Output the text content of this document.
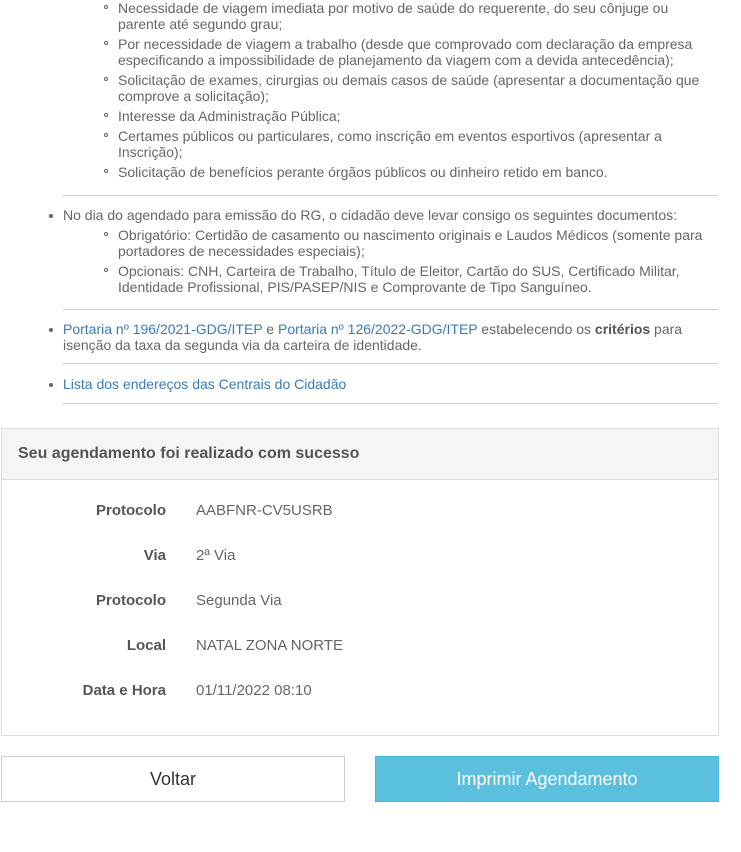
Necessidade de viagem imediata por motivo de saúde do requerente, do seu cônjuge ou parente até segundo grau;
Por necessidade de viagem a trabalho (desde que comprovado com declaração da empresa especificando a impossibilidade de planejamento da viagem com a devida antecedência);
Solicitação de exames, cirurgias ou demais casos de saúde (apresentar a documentação que comprove a solicitação);
Interesse da Administração Pública;
Certames públicos ou particulares, como inscrição em eventos esportivos (apresentar a Inscrição);
Solicitação de benefícios perante órgãos públicos ou dinheiro retido em banco.
No dia do agendado para emissão do RG, o cidadão deve levar consigo os seguintes documentos:
Obrigatório: Certidão de casamento ou nascimento originais e Laudos Médicos (somente para portadores de necessidades especiais);
Opcionais: CNH, Carteira de Trabalho, Título de Eleitor, Cartão do SUS, Certificado Militar, Identidade Profissional, PIS/PASEP/NIS e Comprovante de Tipo Sanguíneo.
Portaria nº 196/2021-GDG/ITEP e Portaria nº 126/2022-GDG/ITEP estabelecendo os critérios para isenção da taxa da segunda via da carteira de identidade.
Lista dos endereços das Centrais do Cidadão
Seu agendamento foi realizado com sucesso
Protocolo AABFNR-CV5USRB
Via 2ª Via
Protocolo Segunda Via
Local NATAL ZONA NORTE
Data e Hora 01/11/2022 08:10
Voltar	Imprimir Agendamento
